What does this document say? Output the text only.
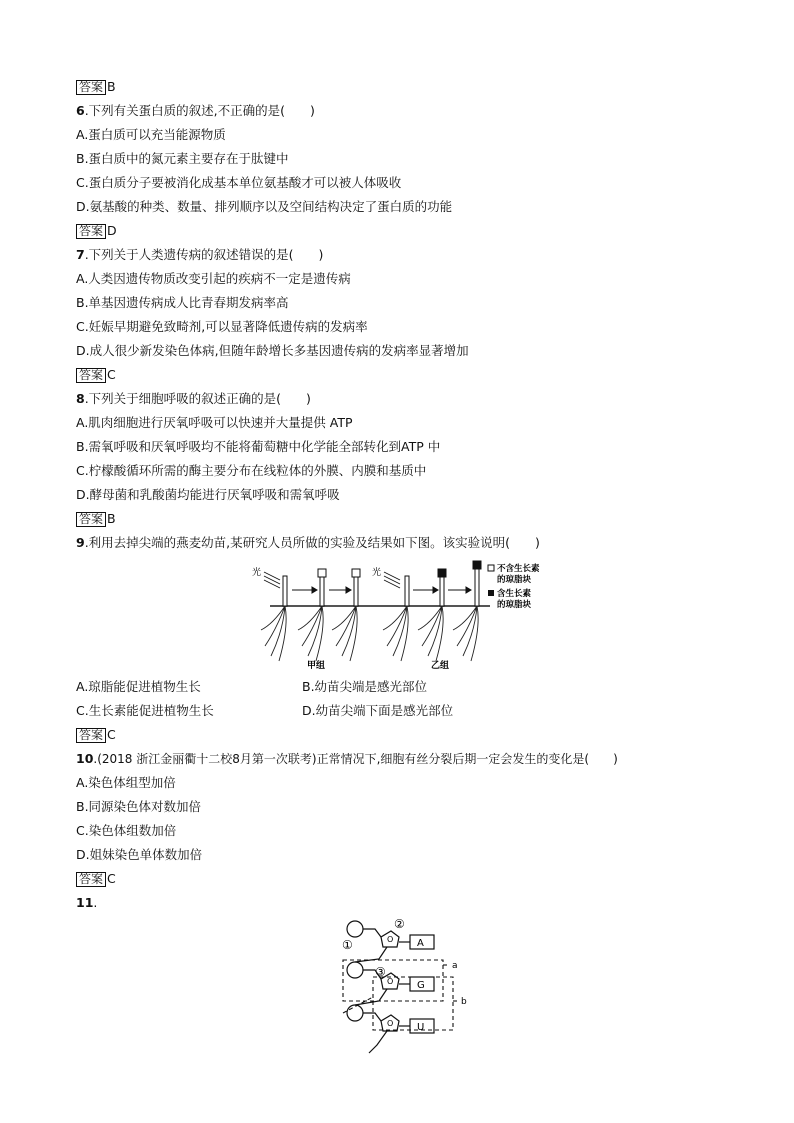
答案 B
6.下列有关蛋白质的叙述,不正确的是(　　)
A.蛋白质可以充当能源物质
B.蛋白质中的氮元素主要存在于肽键中
C.蛋白质分子要被消化成基本单位氨基酸才可以被人体吸收
D.氨基酸的种类、数量、排列顺序以及空间结构决定了蛋白质的功能
答案 D
7.下列关于人类遗传病的叙述错误的是(　　)
A.人类因遗传物质改变引起的疾病不一定是遗传病
B.单基因遗传病成人比青春期发病率高
C.妊娠早期避免致畸剂,可以显著降低遗传病的发病率
D.成人很少新发染色体病,但随年龄增长多基因遗传病的发病率显著增加
答案 C
8.下列关于细胞呼吸的叙述正确的是(　　)
A.肌肉细胞进行厌氧呼吸可以快速并大量提供 ATP
B.需氧呼吸和厌氧呼吸均不能将葡萄糖中化学能全部转化到ATP 中
C.柠檬酸循环所需的酶主要分布在线粒体的外膜、内膜和基质中
D.酵母菌和乳酸菌均能进行厌氧呼吸和需氧呼吸
答案 B
9.利用去掉尖端的燕麦幼苗,某研究人员所做的实验及结果如下图。该实验说明(　　)
光	光	不含生长素
的琼脂块
含生长素
的琼脂块
甲组	乙组
A.琼脂能促进植物生长	B.幼苗尖端是感光部位
C.生长素能促进植物生长	D.幼苗尖端下面是感光部位
答案 C
10.(2018 浙江金丽衢十二校8月第一次联考)正常情况下,细胞有丝分裂后期一定会发生的变化是(　　)
A.染色体组型加倍
B.同源染色体对数加倍
C.染色体组数加倍
D.姐妹染色单体数加倍
答案 C
11.
①
②
③
O
O
O
A
G
U
a
b
